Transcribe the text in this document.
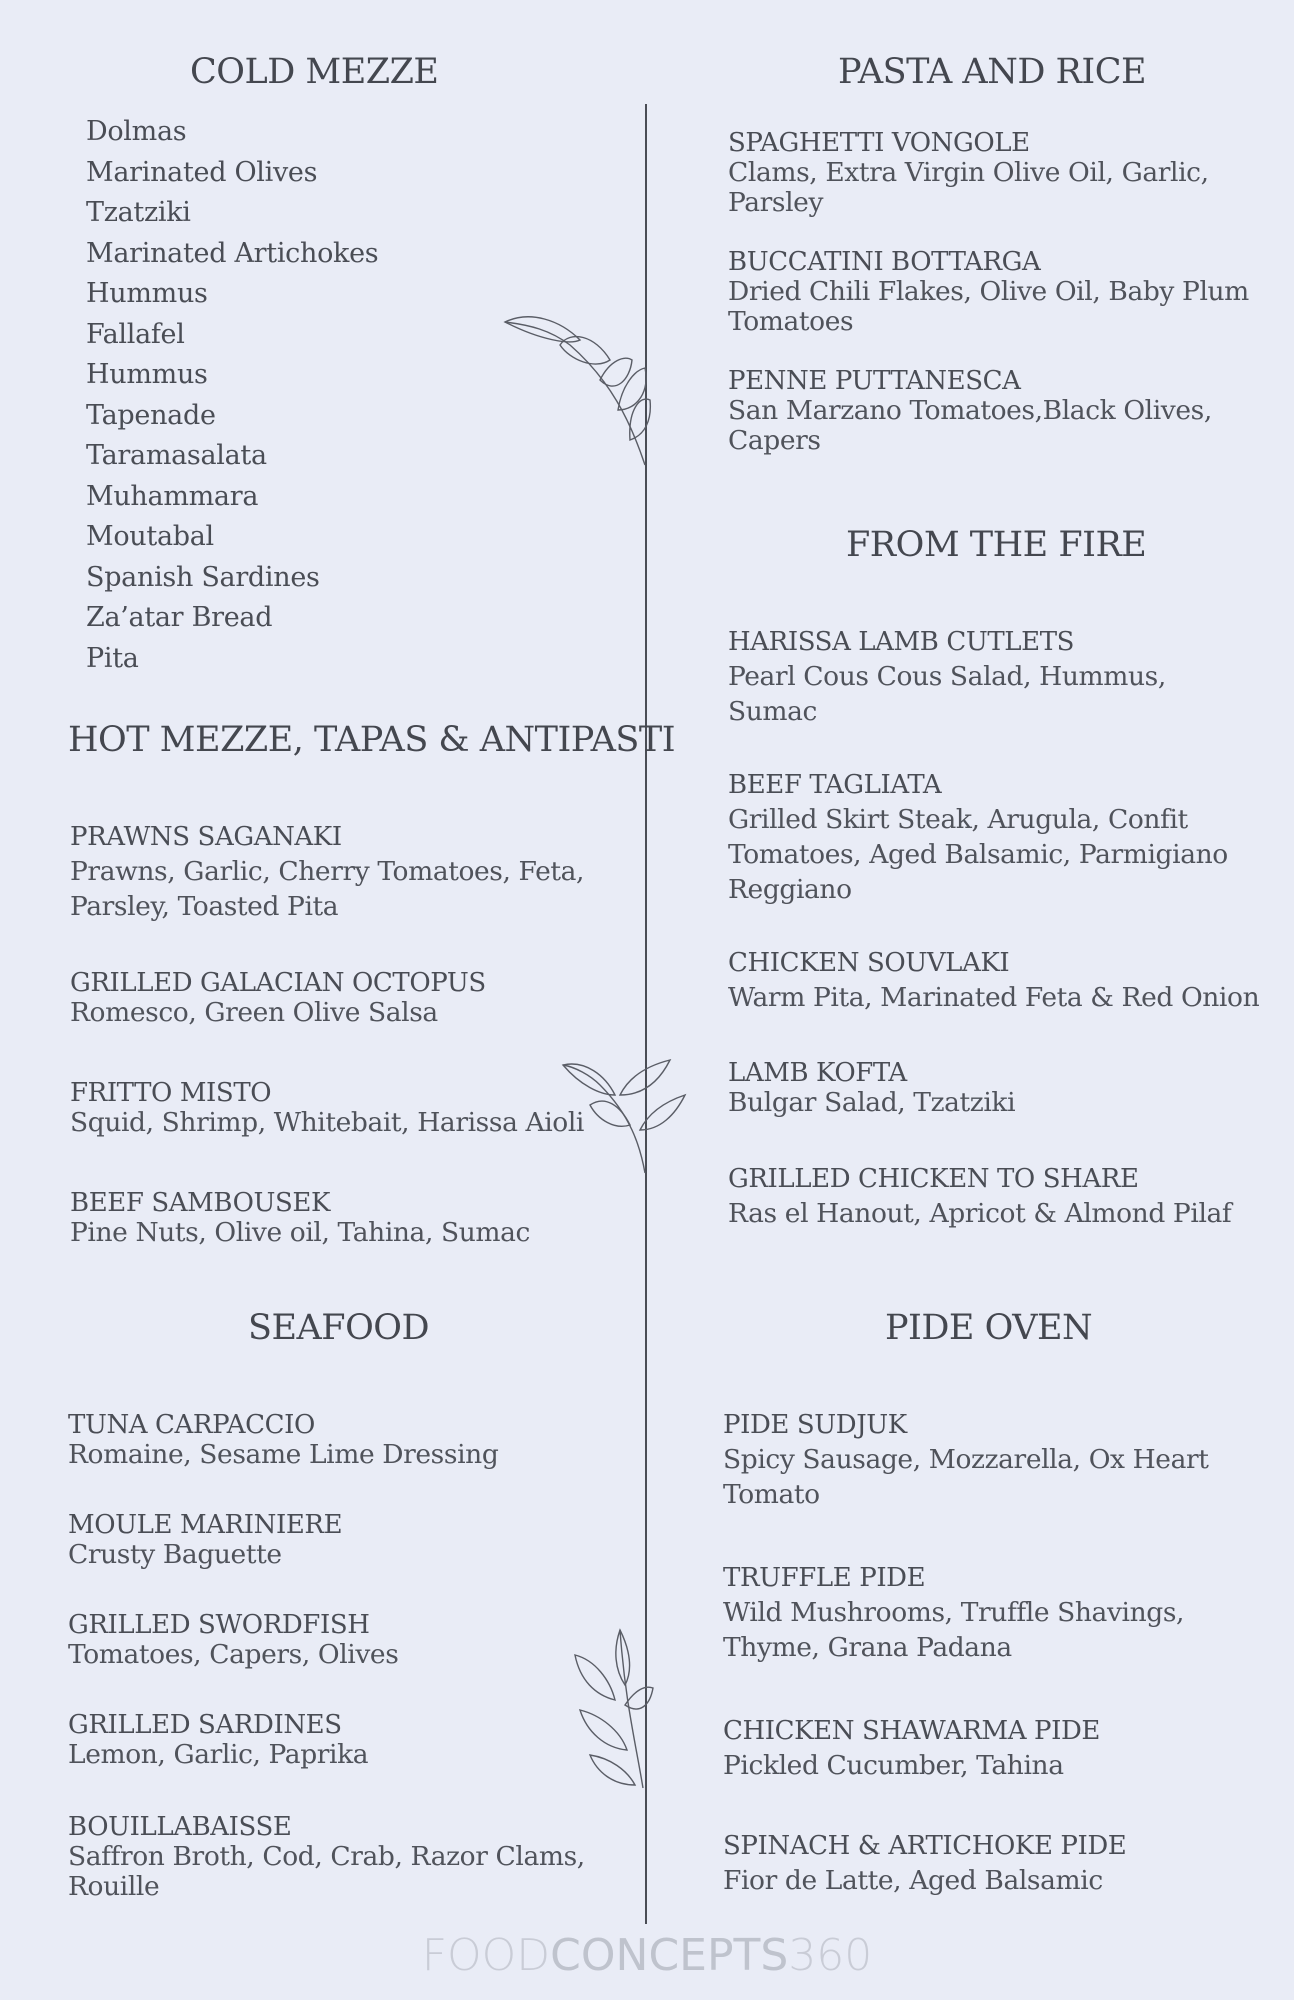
COLD MEZZE
Dolmas
Marinated Olives
Tzatziki
Marinated Artichokes
Hummus
Fallafel
Hummus
Tapenade
Taramasalata
Muhammara
Moutabal
Spanish Sardines
Za’atar Bread
Pita
HOT MEZZE, TAPAS & ANTIPASTI
PRAWNS SAGANAKI
Prawns, Garlic, Cherry Tomatoes, Feta,
Parsley, Toasted Pita
GRILLED GALACIAN OCTOPUS
Romesco, Green Olive Salsa
FRITTO MISTO
Squid, Shrimp, Whitebait, Harissa Aioli
BEEF SAMBOUSEK
Pine Nuts, Olive oil, Tahina, Sumac
SEAFOOD
TUNA CARPACCIO
Romaine, Sesame Lime Dressing
MOULE MARINIERE
Crusty Baguette
GRILLED SWORDFISH
Tomatoes, Capers, Olives
GRILLED SARDINES
Lemon, Garlic, Paprika
BOUILLABAISSE
Saffron Broth, Cod, Crab, Razor Clams,
Rouille
PASTA AND RICE
SPAGHETTI VONGOLE
Clams, Extra Virgin Olive Oil, Garlic,
Parsley
BUCCATINI BOTTARGA
Dried Chili Flakes, Olive Oil, Baby Plum
Tomatoes
PENNE PUTTANESCA
San Marzano Tomatoes,Black Olives,
Capers
FROM THE FIRE
HARISSA LAMB CUTLETS
Pearl Cous Cous Salad, Hummus,
Sumac
BEEF TAGLIATA
Grilled Skirt Steak, Arugula, Confit
Tomatoes, Aged Balsamic, Parmigiano
Reggiano
CHICKEN SOUVLAKI
Warm Pita, Marinated Feta & Red Onion
LAMB KOFTA
Bulgar Salad, Tzatziki
GRILLED CHICKEN TO SHARE
Ras el Hanout, Apricot & Almond Pilaf
PIDE OVEN
PIDE SUDJUK
Spicy Sausage, Mozzarella, Ox Heart
Tomato
TRUFFLE PIDE
Wild Mushrooms, Truffle Shavings,
Thyme, Grana Padana
CHICKEN SHAWARMA PIDE
Pickled Cucumber, Tahina
SPINACH & ARTICHOKE PIDE
Fior de Latte, Aged Balsamic
FOODCONCEPTS360
